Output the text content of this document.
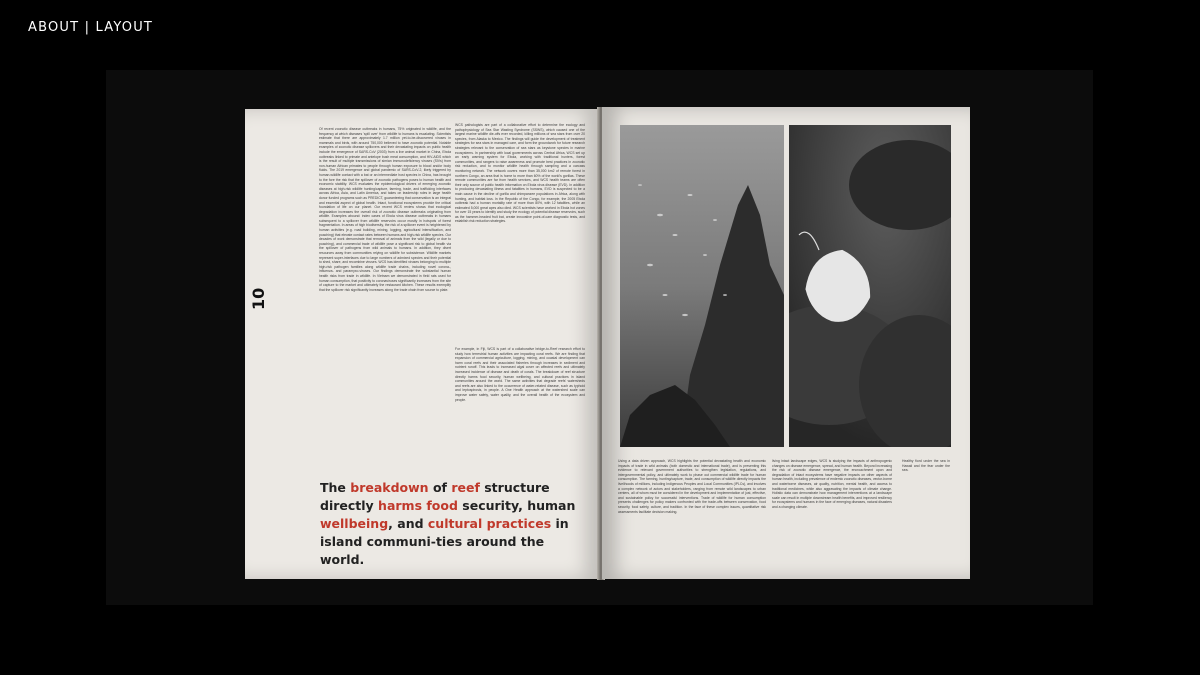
ABOUT | LAYOUT
10

Of recent zoonotic disease outbreaks in humans, 75% originated in wildlife, and the frequency at which diseases 'spill over' from wildlife to humans is escalating. Scientists estimate that there are approximately 1.7 million yet-to-be-discovered viruses in mammals and birds, with around 750,000 believed to have zoonotic potential. Notable examples of zoonotic disease spillovers and their devastating impacts on public health include the emergence of SARS-CoV (2003) from a live animal market in China, Ebola outbreaks linked to primate and antelope bush meat consumption, and HIV-AIDS which is the result of multiple transmissions of simian immunodeficiency viruses (SIVs) from non-human African primates to people through human exposure to blood and/or body fluids. The 2019 emergence and global pandemic of SARS-CoV-2, likely triggered by human-wildlife contact with a bat or an intermediate host species in China, has brought to the fore the risk that the spillover of zoonotic pathogens poses to human health and economic stability. WCS evaluates the epidemiological drivers of emerging zoonotic diseases at high-risk wildlife hunting/capture, farming, trade, and trafficking interfaces across Africa, Asia, and Latin America, and takes on leadership roles in large health donor funded programs such as PREDICT, guaranteeing that conservation is an integral and essential aspect of global health. Intact, functional ecosystems provide the critical foundation of life on our planet. Our recent WCS review shows that ecological degradation increases the overall risk of zoonotic disease outbreaks originating from wildlife. Examples abound: index cases of Ebola virus disease outbreaks in humans subsequent to a spillover from wildlife reservoirs occur mostly in hotspots of forest fragmentation. In areas of high biodiversity, the risk of a spillover event is heightened by human activities (e.g. road building, mining, logging, agricultural intensification, and poaching) that elevate contact rates between humans and high-risk wildlife species. Our decades of work demonstrate that removal of animals from the wild (legally or due to poaching), and commercial trade of wildlife pose a significant risk to global health via the spillover of pathogens from wild animals to humans. In addition, they divert resources away from communities relying on wildlife for subsistence. Wildlife markets represent super-interfaces due to large numbers of admixed species and their potential to shed, share, and recombine viruses. WCS has identified viruses belonging to multiple high-risk pathogen families along wildlife trade chains, including novel corona-, influenza- and paramyxo-viruses. Our findings demonstrate the substantial human health risks from trade in wildlife. In Vietnam we demonstrated in field rats used for human consumption, that positivity to coronaviruses significantly increases from the site of capture to the market and ultimately the restaurant kitchen. These results exemplify that the spillover risk significantly increases along the trade chain from source to plate.

WCS pathologists are part of a collaborative effort to determine the ecology and pathophysiology of Sea Star Wasting Syndrome (SSWS), which caused one of the largest marine wildlife die-offs ever recorded, killing millions of sea stars from over 20 species, from Alaska to Mexico. The findings will guide the development of treatment strategies for sea stars in managed care, and form the groundwork for future research strategies relevant to the conservation of sea stars as keystone species in marine ecosystems. In partnership with local governments across Central Africa, WCS set up an early warning system for Ebola, working with traditional hunters, forest communities, and rangers to raise awareness and promote best practices in zoonotic risk reduction, and to monitor wildlife health through sampling and a carcass monitoring network. The network covers more than 35,000 km2 of remote forest in northern Congo, an area that is home to more than 60% of the world's gorillas. These remote communities are far from health services, and WCS health teams are often their only source of public health information on Ebola virus disease (EVD). In addition to producing devastating illness and fatalities in humans, EVD is suspected to be a main cause in the decline of gorilla and chimpanzee populations in Africa, along with hunting, and habitat loss. In the Republic of the Congo, for example, the 2005 Ebola outbreak had a human mortality rate of more than 80%, with 12 fatalities, while an estimated 5,000 great apes also died. WCS scientists have worked in Ebola hot zones for over 15 years to identify and study the ecology of potential disease reservoirs, such as the hammer-headed fruit bat, create innovative point-of-care diagnostic tests, and establish risk reduction strategies.

For example, in Fiji, WCS is part of a collaborative bridge-to-Reef research effort to study how terrestrial human activities are impacting coral reefs. We are finding that expansion of commercial agriculture, logging, mining, and coastal development can harm coral reefs and their associated fisheries through increases in sediment and nutrient runoff. This leads to increased algal cover on affected reefs and ultimately increased incidence of disease and death of corals. The breakdown of reef structure directly harms food security, human wellbeing, and cultural practices in island communities around the world. The same activities that degrade reefs' watersheds and reefs are also linked to the occurrence of water-related disease, such as typhoid and leptospirosis, in people. A One Health approach at the watershed scale can improve water safety, water quality, and the overall health of the ecosystem and people.

The breakdown of reef structure directly harms food security, human wellbeing, and cultural practices in island communi-ties around the world.

Using a data driven approach, WCS highlights the potential devastating health and economic impacts of trade in wild animals (both domestic and international trade), and is presenting this evidence to relevant government authorities to strengthen legislation, regulations, and intergovernmental policy, and ultimately work to phase out commercial wildlife trade for human consumption. The farming, hunting/capture, trade, and consumption of wildlife directly impacts the livelihoods of millions, including Indigenous Peoples and Local Communities (IPLCs), and involves a complex network of actors and stakeholders, ranging from remote wild landscapes to urban centers, all of whom must be considered in the development and implementation of just, effective, and sustainable policy for successful interventions. Trade of wildlife for human consumption presents challenges for policy makers confronted with the trade-offs between conservation, food security, food safety, culture, and tradition. In the face of these complex issues, quantitative risk assessments facilitate decision making.

living intact landscape edges, WCS is studying the impacts of anthropogenic changes on disease emergence, spread, and human health. Beyond increasing the risk of zoonotic disease emergence, the encroachment upon and degradation of intact ecosystems have negative impacts on other aspects of human health, including prevalence of endemic zoonotic diseases, vector-borne and waterborne diseases, air quality, nutrition, mental health, and access to traditional medicines, while also aggravating the impacts of climate change. Holistic data can demonstrate how management interventions at a landscape scale can result in multiple downstream health benefits, and improved resiliency for ecosystems and humans in the face of emerging diseases, natural disasters and a changing climate.

Healthy fiord under the sea in Hawaii and the fear under the sea.
